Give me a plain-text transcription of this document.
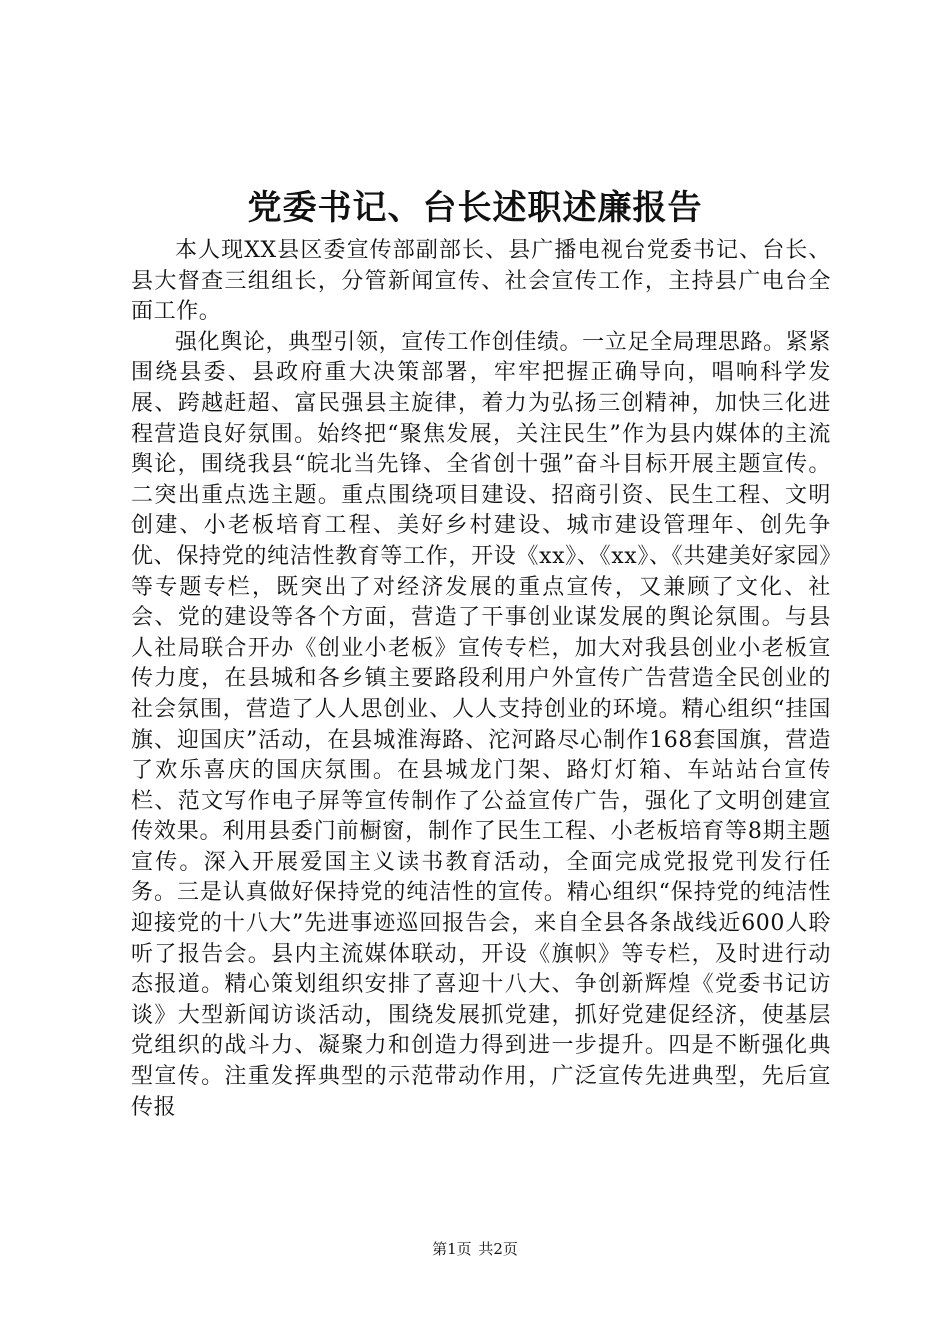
党委书记、台长述职述廉报告

本人现XX县区委宣传部副部长、县广播电视台党委书记、台长、县大督查三组组长，分管新闻宣传、社会宣传工作，主持县广电台全面工作。

强化舆论，典型引领，宣传工作创佳绩。一立足全局理思路。紧紧围绕县委、县政府重大决策部署，牢牢把握正确导向，唱响科学发展、跨越赶超、富民强县主旋律，着力为弘扬三创精神，加快三化进程营造良好氛围。始终把“聚焦发展，关注民生”作为县内媒体的主流舆论，围绕我县“皖北当先锋、全省创十强”奋斗目标开展主题宣传。二突出重点选主题。重点围绕项目建设、招商引资、民生工程、文明创建、小老板培育工程、美好乡村建设、城市建设管理年、创先争优、保持党的纯洁性教育等工作，开设《xx》、《xx》、《共建美好家园》等专题专栏，既突出了对经济发展的重点宣传，又兼顾了文化、社会、党的建设等各个方面，营造了干事创业谋发展的舆论氛围。与县人社局联合开办《创业小老板》宣传专栏，加大对我县创业小老板宣传力度，在县城和各乡镇主要路段利用户外宣传广告营造全民创业的社会氛围，营造了人人思创业、人人支持创业的环境。精心组织“挂国旗、迎国庆”活动，在县城淮海路、沱河路尽心制作168套国旗，营造了欢乐喜庆的国庆氛围。在县城龙门架、路灯灯箱、车站站台宣传栏、范文写作电子屏等宣传制作了公益宣传广告，强化了文明创建宣传效果。利用县委门前橱窗，制作了民生工程、小老板培育等8期主题宣传。深入开展爱国主义读书教育活动，全面完成党报党刊发行任务。三是认真做好保持党的纯洁性的宣传。精心组织“保持党的纯洁性迎接党的十八大”先进事迹巡回报告会，来自全县各条战线近600人聆听了报告会。县内主流媒体联动，开设《旗帜》等专栏，及时进行动态报道。精心策划组织安排了喜迎十八大、争创新辉煌《党委书记访谈》大型新闻访谈活动，围绕发展抓党建，抓好党建促经济，使基层党组织的战斗力、凝聚力和创造力得到进一步提升。四是不断强化典型宣传。注重发挥典型的示范带动作用，广泛宣传先进典型，先后宣传报

第1页 共2页
